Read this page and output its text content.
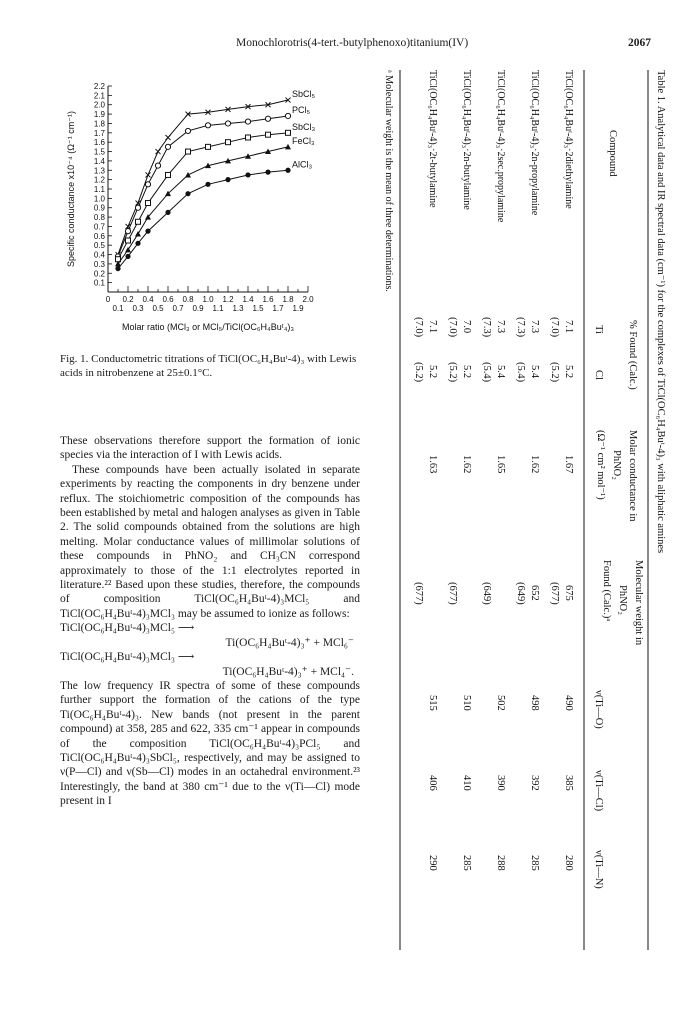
Monochlorotris(4-tert.-butylphenoxo)titanium(IV)	2067
0.1
0.2
0.3
0.4
0.5
0.6
0.7
0.8
0.9
1.0
1.1
1.2
1.3
1.4
1.5
1.6
1.7
1.8
1.9
2.0
2.1
2.2
0 0.2 0.4 0.6 0.8 1.0 1.2 1.4 1.6 1.8 2.0
0.1 0.3 0.5 0.7 0.9 1.1 1.3 1.5 1.7 1.9
Molar ratio (MCl₃ or MCl₅/TiCl(OC₆H₄Buᵗ₄)₃
Specific conductance x10⁻⁴ (Ω⁻¹ cm⁻¹)
SbCl₅
PCl₅
SbCl₃
FeCl₃
AlCl₃
Fig. 1. Conductometric titrations of TiCl(OC₆H₄Buᵗ-4)₃ with Lewis acids in nitrobenzene at 25±0.1°C.

These observations therefore support the formation of ionic species via the interaction of I with Lewis acids.

These compounds have been actually isolated in separate experiments by reacting the components in dry benzene under reflux. The stoichiometric composition of the compounds has been established by metal and halogen analyses as given in Table 2. The solid compounds obtained from the solutions are high melting. Molar conductance values of millimolar solutions of these compounds in PhNO₂ and CH₃CN correspond approximately to those of the 1:1 electrolytes reported in literature.²² Based upon these studies, therefore, the compounds of composition TiCl(OC₆H₄Buᵗ-4)₃MCl₅ and TiCl(OC₆H₄Buᵗ-4)₃MCl₃ may be assumed to ionize as follows:

TiCl(OC₆H₄Buᵗ-4)₃MCl₅ ⟶

Ti(OC₆H₄Buᵗ-4)₃⁺ + MCl₆⁻

TiCl(OC₆H₄Buᵗ-4)₃MCl₃ ⟶

Ti(OC₆H₄Buᵗ-4)₃⁺ + MCl₄⁻.

The low frequency IR spectra of some of these compounds further support the formation of the cations of the type Ti(OC₆H₄Buᵗ-4)₃. New bands (not present in the parent compound) at 358, 285 and 622, 335 cm⁻¹ appear in compounds of the composition TiCl(OC₆H₄Buᵗ-4)₃PCl₅ and TiCl(OC₆H₄Buᵗ-4)₃SbCl₅, respectively, and may be assigned to ν(P—Cl) and ν(Sb—Cl) modes in an octahedral environment.²³ Interestingly, the band at 380 cm⁻¹ due to the ν(Ti—Cl) mode present in I

Table 1. Analytical data and IR spectral data (cm⁻¹) for the complexes of TiCl(OC₆H₄Buᵗ-4)₃ with aliphatic amines
Compound
% Found (Calc.)
Ti
Cl
Molar conductance in
PhNO₂
(Ω⁻¹ cm² mol⁻¹)
Molecular weight in
PhNO₂
Found (Calc.)ᵃ
ν(Ti—O)
ν(Ti—Cl)
ν(Ti—N)
TiCl(OC₆H₄Buᵗ-4)₃·2diethylamine
7.1
(7.0)
5.2
(5.2)
1.67
675
(677)
490
385
280
TiCl(OC₆H₄Buᵗ-4)₃·2n-propylamine
7.3
(7.3)
5.4
(5.4)
1.62
652
(649)
498
392
285
TiCl(OC₆H₄Buᵗ-4)₃·2sec.propylamine
7.3
(7.3)
5.4
(5.4)
1.65
(649)
502
390
288
TiCl(OC₆H₄Buᵗ-4)₃·2n-butylamine
7.0
(7.0)
5.2
(5.2)
1.62
(677)
510
410
285
TiCl(OC₆H₄Buᵗ-4)₃·2t-butylamine
7.1
(7.0)
5.2
(5.2)
1.63
(677)
515
406
290
ᵃ Molecular weight is the mean of three determinations.
